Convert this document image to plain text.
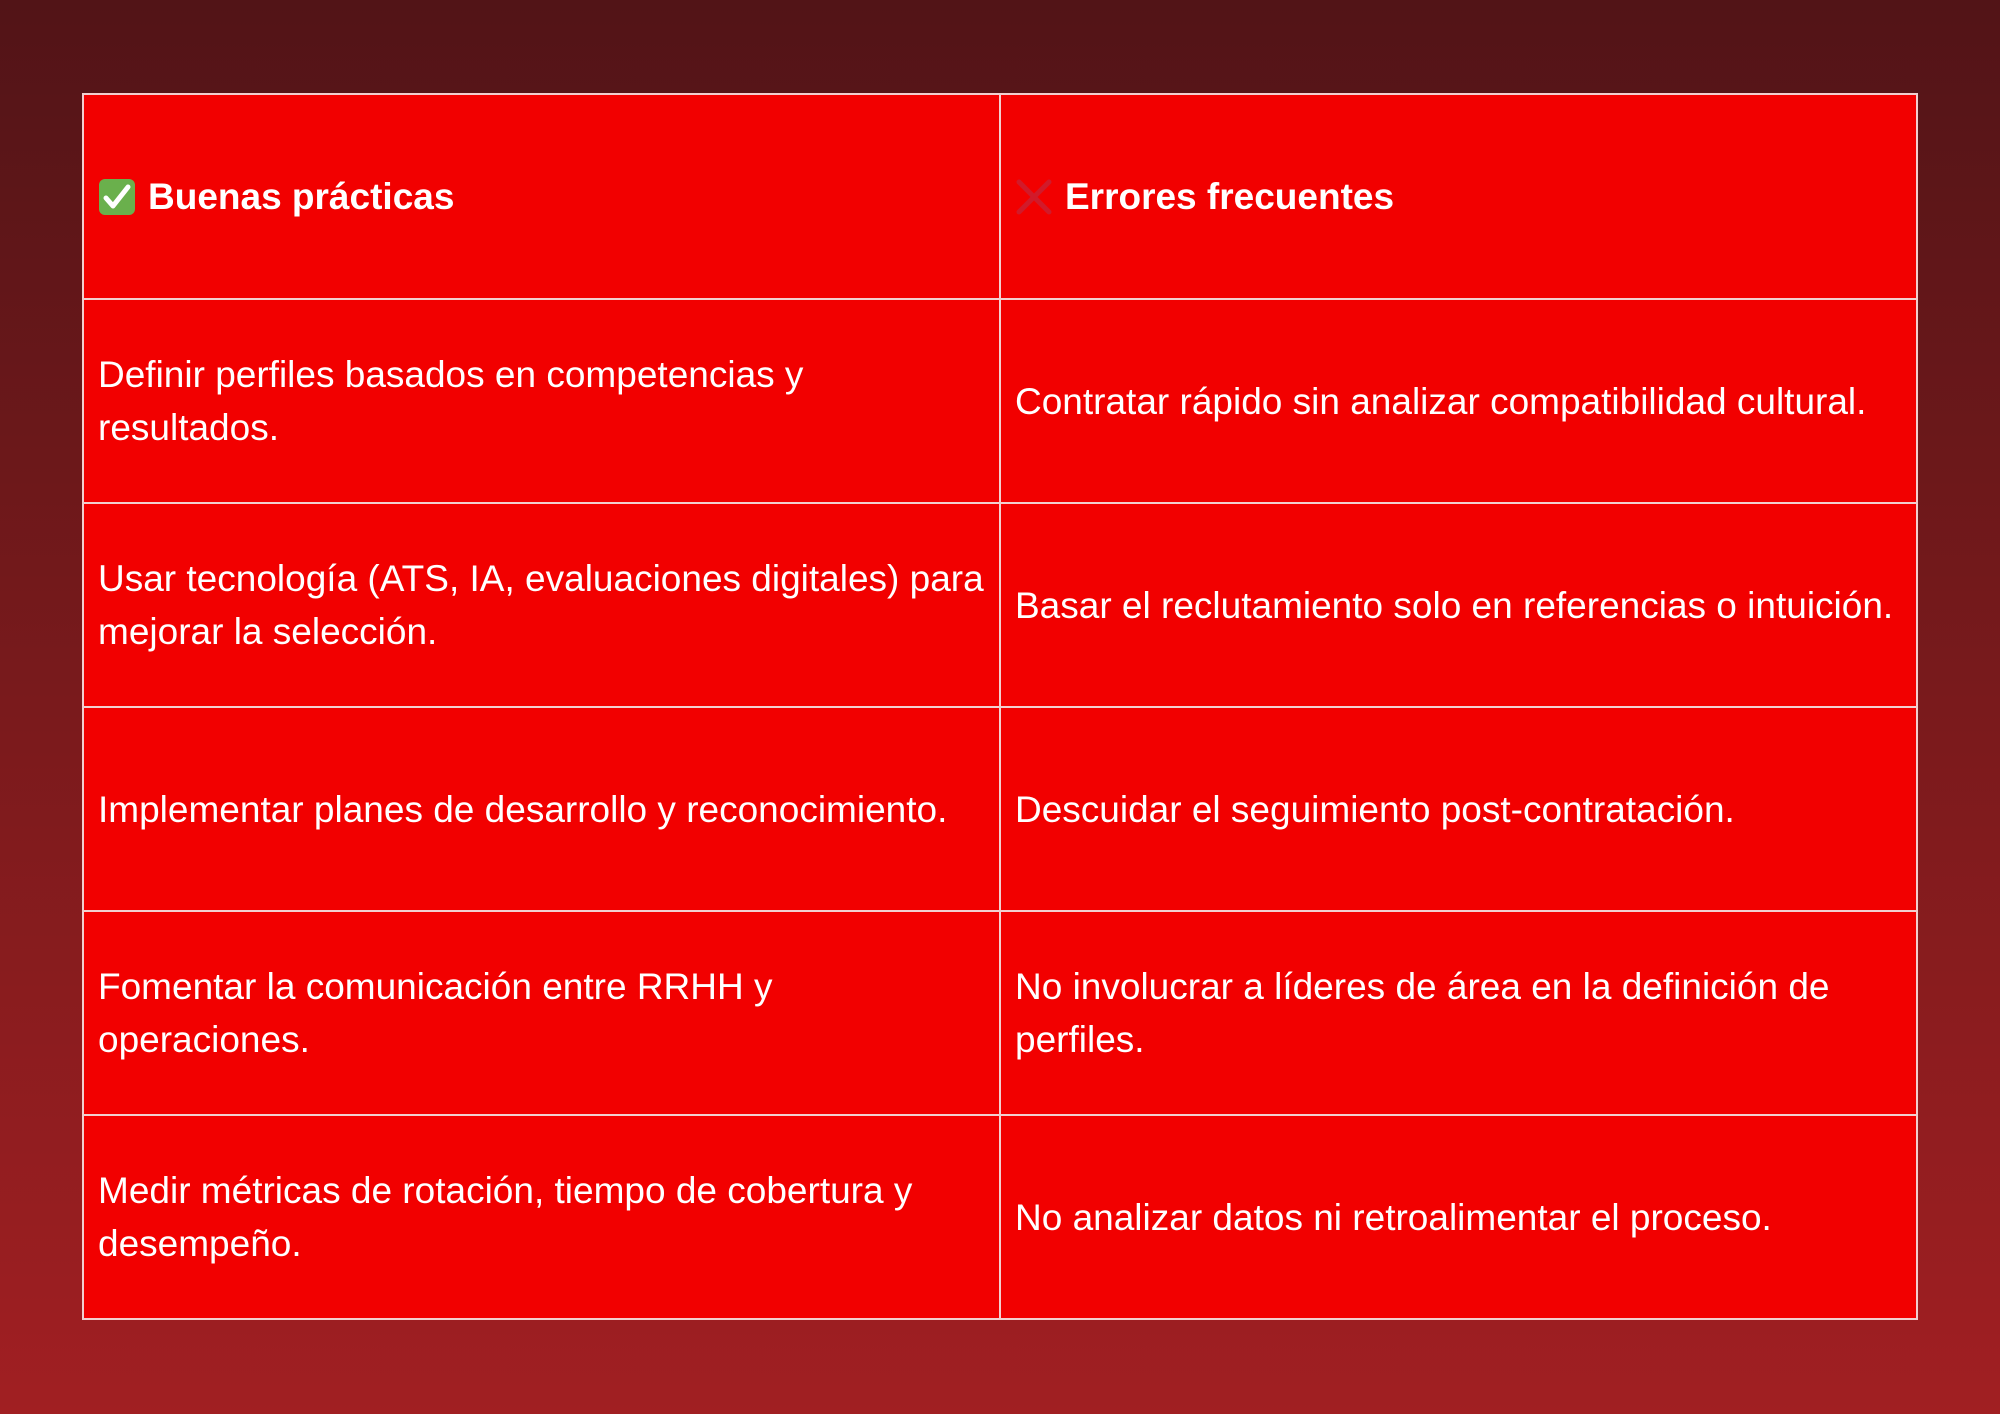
Buenas prácticas	Errores frecuentes

Definir perfiles basados en competencias y resultados.	Contratar rápido sin analizar compatibilidad cultural.
Usar tecnología (ATS, IA, evaluaciones digitales) para mejorar la selección.	Basar el reclutamiento solo en referencias o intuición.
Implementar planes de desarrollo y reconocimiento.	Descuidar el seguimiento post-contratación.
Fomentar la comunicación entre RRHH y operaciones.	No involucrar a líderes de área en la definición de perfiles.
Medir métricas de rotación, tiempo de cobertura y desempeño.	No analizar datos ni retroalimentar el proceso.
